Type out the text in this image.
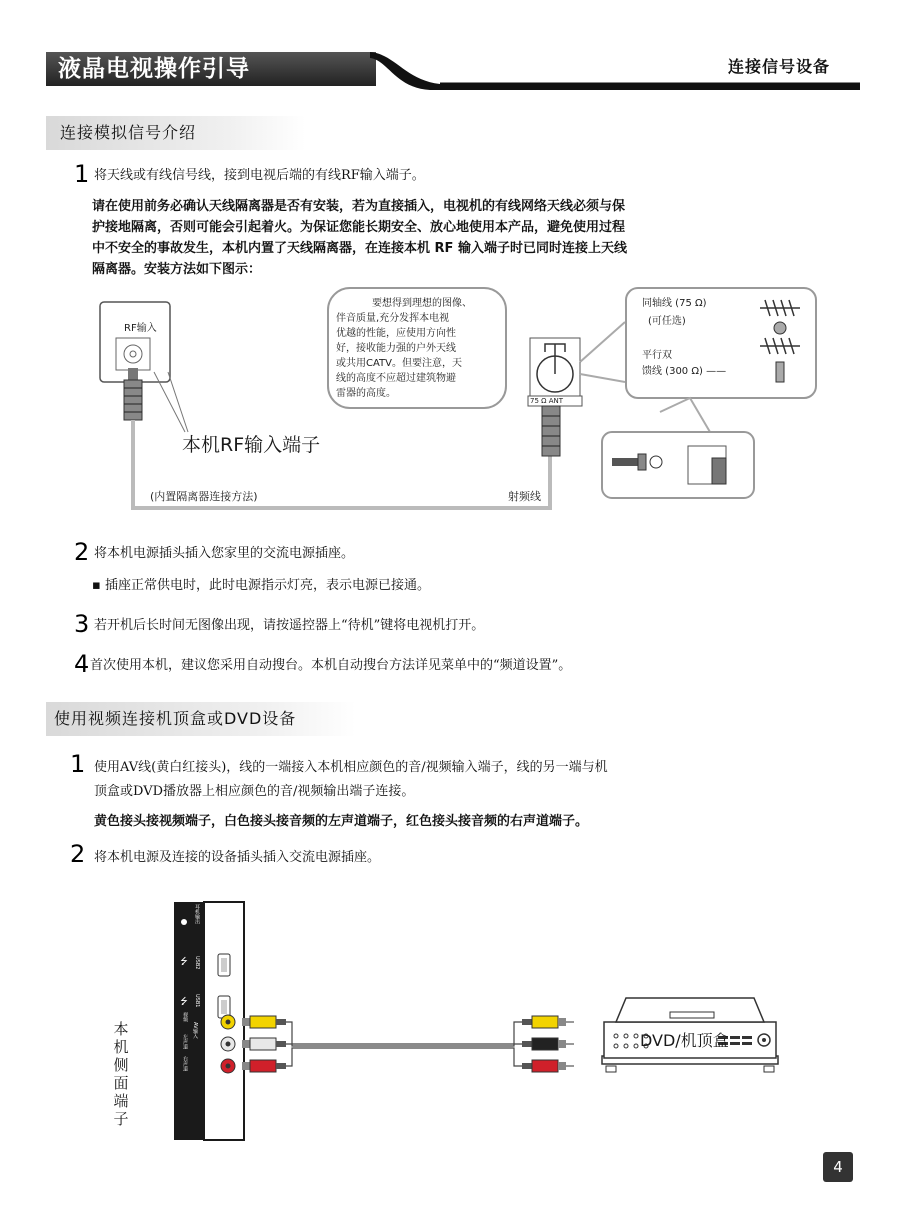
液晶电视操作引导	连接信号设备
连接模拟信号介绍
1 将天线或有线信号线，接到电视后端的有线RF输入端子。
请在使用前务必确认天线隔离器是否有安装，若为直接插入，电视机的有线网络天线必须与保
护接地隔离，否则可能会引起着火。为保证您能长期安全、放心地使用本产品，避免使用过程
中不安全的事故发生，本机内置了天线隔离器，在连接本机 RF 输入端子时已同时连接上天线
隔离器。安装方法如下图示：
RF输入
本机RF输入端子
(内置隔离器连接方法)	射频线
75 Ω ANT
要想得到理想的图像、
伴音质量,充分发挥本电视
优越的性能，应使用方向性
好，接收能力强的户外天线
或共用CATV。但要注意，天
线的高度不应超过建筑物避
雷器的高度。
同轴线 (75 Ω)
(可任选)
平行双
馈线 (300 Ω) ——
2 将本机电源插头插入您家里的交流电源插座。
▪ 插座正常供电时，此时电源指示灯亮，表示电源已接通。
3 若开机后长时间无图像出现，请按遥控器上“待机”键将电视机打开。
4 首次使用本机，建议您采用自动搜台。本机自动搜台方法详见菜单中的“频道设置”。
使用视频连接机顶盒或DVD设备
1 使用AV线(黄白红接头)，线的一端接入本机相应颜色的音/视频输入端子，线的另一端与机
顶盒或DVD播放器上相应颜色的音/视频输出端子连接。
黄色接头接视频端子，白色接头接音频的左声道端子，红色接头接音频的右声道端子。
2 将本机电源及连接的设备插头插入交流电源插座。
⭍
⭍
本
机
侧
面
端
子
耳机输出
USB2
USB1
视频
左声道
右声道
AV输入
DVD/机顶盒
4
